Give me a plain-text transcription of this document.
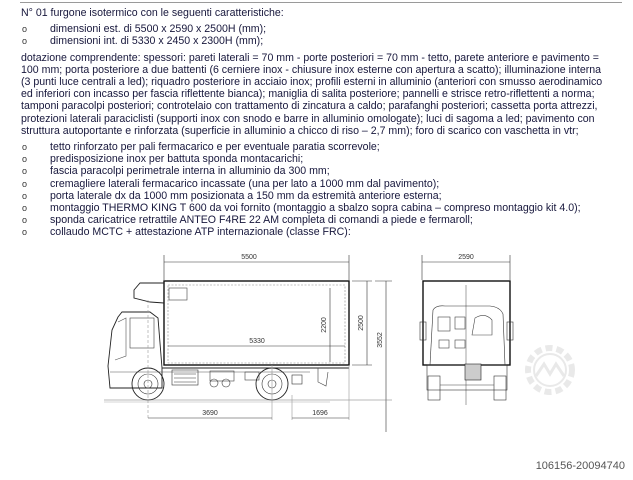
N° 01 furgone isotermico con le seguenti caratteristiche:
o dimensioni est. di 5500 x 2590 x 2500H (mm);
o dimensioni int. di 5330 x 2450 x 2300H (mm);
dotazione comprendente: spessori: pareti laterali = 70 mm - porte posteriori = 70 mm - tetto, parete anteriore e pavimento =
100 mm; porta posteriore a due battenti (6 cerniere inox - chiusure inox esterne con apertura a scatto); illuminazione interna
(3 punti luce centrali a led); riquadro posteriore in acciaio inox; profili esterni in alluminio (anteriori con smusso aerodinamico
ed inferiori con incasso per fascia riflettente bianca); maniglia di salita posteriore; pannelli e strisce retro-riflettenti a norma;
tamponi paracolpi posteriori; controtelaio con trattamento di zincatura a caldo; parafanghi posteriori; cassetta porta attrezzi,
protezioni laterali paraciclisti (supporti inox con snodo e barre in alluminio omologate); luci di sagoma a led; pavimento con
struttura autoportante e rinforzata (superficie in alluminio a chicco di riso – 2,7 mm); foro di scarico con vaschetta in vtr;
o tetto rinforzato per pali fermacarico e per eventuale paratia scorrevole;
o predisposizione inox per battuta sponda montacarichi;
o fascia paracolpi perimetrale interna in alluminio da 300 mm;
o cremagliere laterali fermacarico incassate (una per lato a 1000 mm dal pavimento);
o porta laterale dx da 1000 mm posizionata a 150 mm da estremità anteriore esterna;
o montaggio THERMO KING T 600 da voi fornito (montaggio a sbalzo sopra cabina – compreso montaggio kit 4.0);
o sponda caricatrice retrattile ANTEO F4RE 22 AM completa di comandi a piede e fermaroll;
o collaudo MCTC + attestazione ATP internazionale (classe FRC):
5500
5330
2200	2500
3552
3690	1696
2590
106156-20094740
